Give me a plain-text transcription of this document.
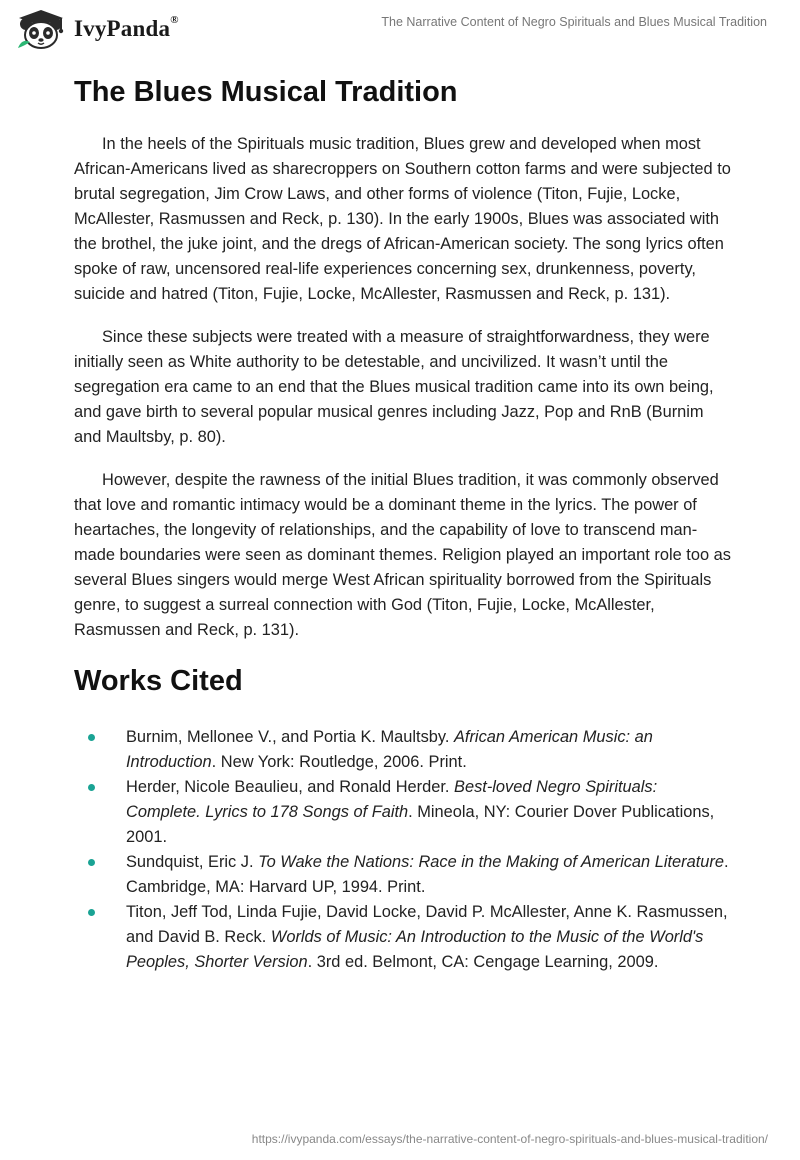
IvyPanda®	The Narrative Content of Negro Spirituals and Blues Musical Tradition
The Blues Musical Tradition

In the heels of the Spirituals music tradition, Blues grew and developed when most African-Americans lived as sharecroppers on Southern cotton farms and were subjected to brutal segregation, Jim Crow Laws, and other forms of violence (Titon, Fujie, Locke, McAllester, Rasmussen and Reck, p. 130). In the early 1900s, Blues was associated with the brothel, the juke joint, and the dregs of African-American society. The song lyrics often spoke of raw, uncensored real-life experiences concerning sex, drunkenness, poverty, suicide and hatred (Titon, Fujie, Locke, McAllester, Rasmussen and Reck, p. 131).

Since these subjects were treated with a measure of straightforwardness, they were initially seen as White authority to be detestable, and uncivilized. It wasn’t until the segregation era came to an end that the Blues musical tradition came into its own being, and gave birth to several popular musical genres including Jazz, Pop and RnB (Burnim and Maultsby, p. 80).

However, despite the rawness of the initial Blues tradition, it was commonly observed that love and romantic intimacy would be a dominant theme in the lyrics. The power of heartaches, the longevity of relationships, and the capability of love to transcend man-made boundaries were seen as dominant themes. Religion played an important role too as several Blues singers would merge West African spirituality borrowed from the Spirituals genre, to suggest a surreal connection with God (Titon, Fujie, Locke, McAllester, Rasmussen and Reck, p. 131).

Works Cited
Burnim, Mellonee V., and Portia K. Maultsby. African American Music: an Introduction. New York: Routledge, 2006. Print.
Herder, Nicole Beaulieu, and Ronald Herder. Best-loved Negro Spirituals: Complete. Lyrics to 178 Songs of Faith. Mineola, NY: Courier Dover Publications, 2001.
Sundquist, Eric J. To Wake the Nations: Race in the Making of American Literature. Cambridge, MA: Harvard UP, 1994. Print.
Titon, Jeff Tod, Linda Fujie, David Locke, David P. McAllester, Anne K. Rasmussen, and David B. Reck. Worlds of Music: An Introduction to the Music of the World's Peoples, Shorter Version. 3rd ed. Belmont, CA: Cengage Learning, 2009.
https://ivypanda.com/essays/the-narrative-content-of-negro-spirituals-and-blues-musical-tradition/
